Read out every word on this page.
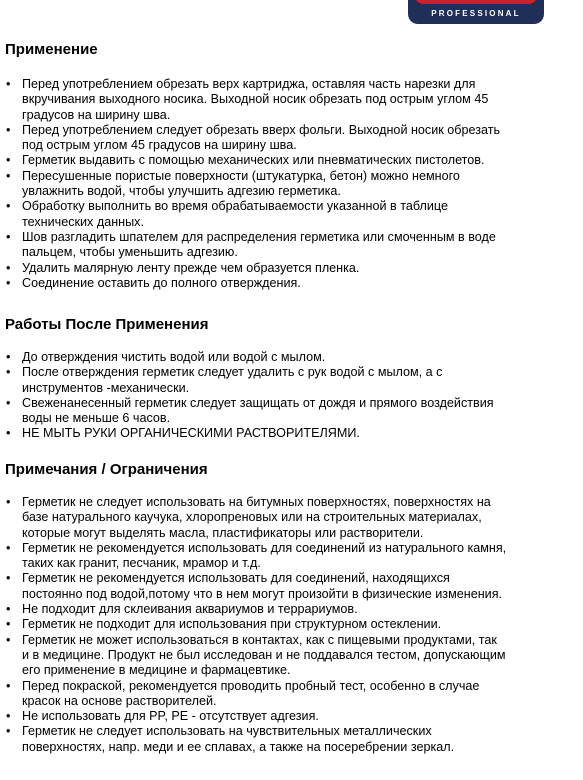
PROFESSIONAL
Применение
• Перед употреблением обрезать верх картриджа, оставляя часть нарезки для
вкручивания выходного носика. Выходной носик обрезать под острым углом 45
градусов на ширину шва.
• Перед употреблением следует обрезать вверх фольги. Выходной носик обрезать
под острым углом 45 градусов на ширину шва.
• Герметик выдавить с помощью механических или пневматических пистолетов.
• Пересушенные пористые поверхности (штукатурка, бетон) можно немного
увлажнить водой, чтобы улучшить адгезию герметика.
• Обработку выполнить во время обрабатываемости указанной в таблице
технических данных.
• Шов разгладить шпателем для распределения герметика или смоченным в воде
пальцем, чтобы уменьшить адгезию.
• Удалить малярную ленту прежде чем образуется пленка.
• Соединение оставить до полного отверждения.
Работы После Применения
• До отверждения чистить водой или водой с мылом.
• После отверждения герметик следует удалить с рук водой с мылом, а с
инструментов -механически.
• Свеженанесенный герметик следует защищать от дождя и прямого воздействия
воды не меньше 6 часов.
• НЕ МЫТЬ РУКИ ОРГАНИЧЕСКИМИ РАСТВОРИТЕЛЯМИ.
Примечания / Ограничения
• Герметик не следует использовать на битумных поверхностях, поверхностях на
базе натурального каучука, хлоропреновых или на строительных материалах,
которые могут выделять масла, пластификаторы или растворители.
• Герметик не рекомендуется использовать для соединений из натурального камня,
таких как гранит, песчаник, мрамор и т.д.
• Герметик не рекомендуется использовать для соединений, находящихся
постоянно под водой,потому что в нем могут произойти в физические изменения.
• Не подходит для склеивания аквариумов и террариумов.
• Герметик не подходит для использования при структурном остеклении.
• Герметик не может использоваться в контактах, как с пищевыми продуктами, так
и в медицине. Продукт не был исследован и не поддавался тестом, допускающим
его применение в медицине и фармацевтике.
• Перед покраской, рекомендуется проводить пробный тест, особенно в случае
красок на основе растворителей.
• Не использовать для PP, PE - отсутствует адгезия.
• Герметик не следует использовать на чувствительных металлических
поверхностях, напр. меди и ее сплавах, а также на посеребрении зеркал.
